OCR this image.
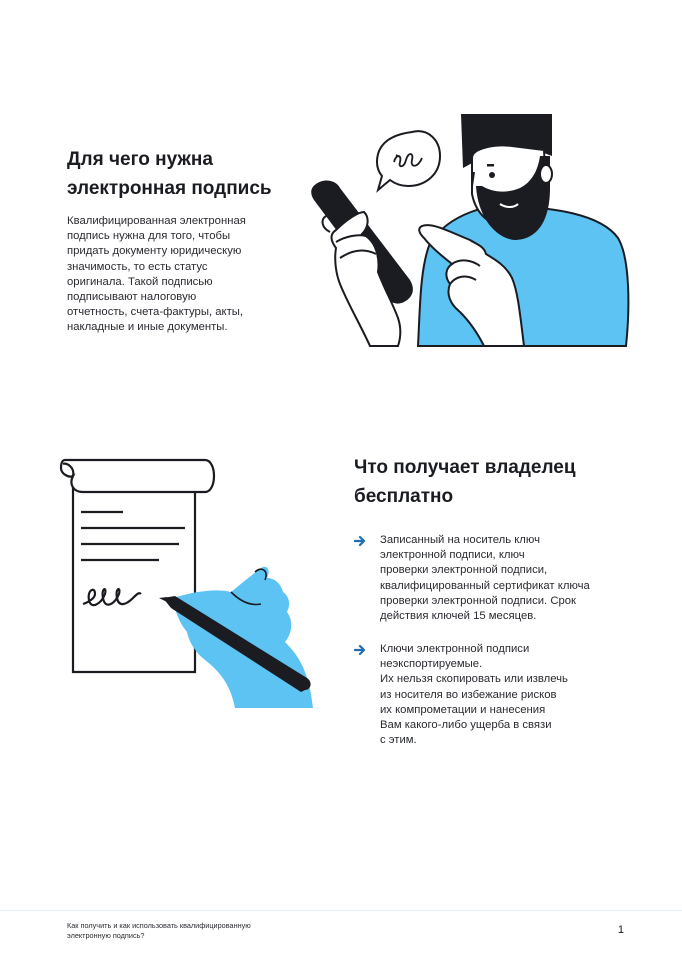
Для чего нужна
электронная подпись
Квалифицированная электронная
подпись нужна для того, чтобы
придать документу юридическую
значимость, то есть статус
оригинала. Такой подписью
подписывают налоговую
отчетность, счета-фактуры, акты,
накладные и иные документы.
Что получает владелец
бесплатно
Записанный на носитель ключ
электронной подписи, ключ
проверки электронной подписи,
квалифицированный сертификат ключа
проверки электронной подписи. Срок
действия ключей 15 месяцев.
Ключи электронной подписи
неэкспортируемые.
Их нельзя скопировать или извлечь
из носителя во избежание рисков
их компрометации и нанесения
Вам какого-либо ущерба в связи
с этим.
Как получить и как использовать квалифицированную
электронную подпись?	1
